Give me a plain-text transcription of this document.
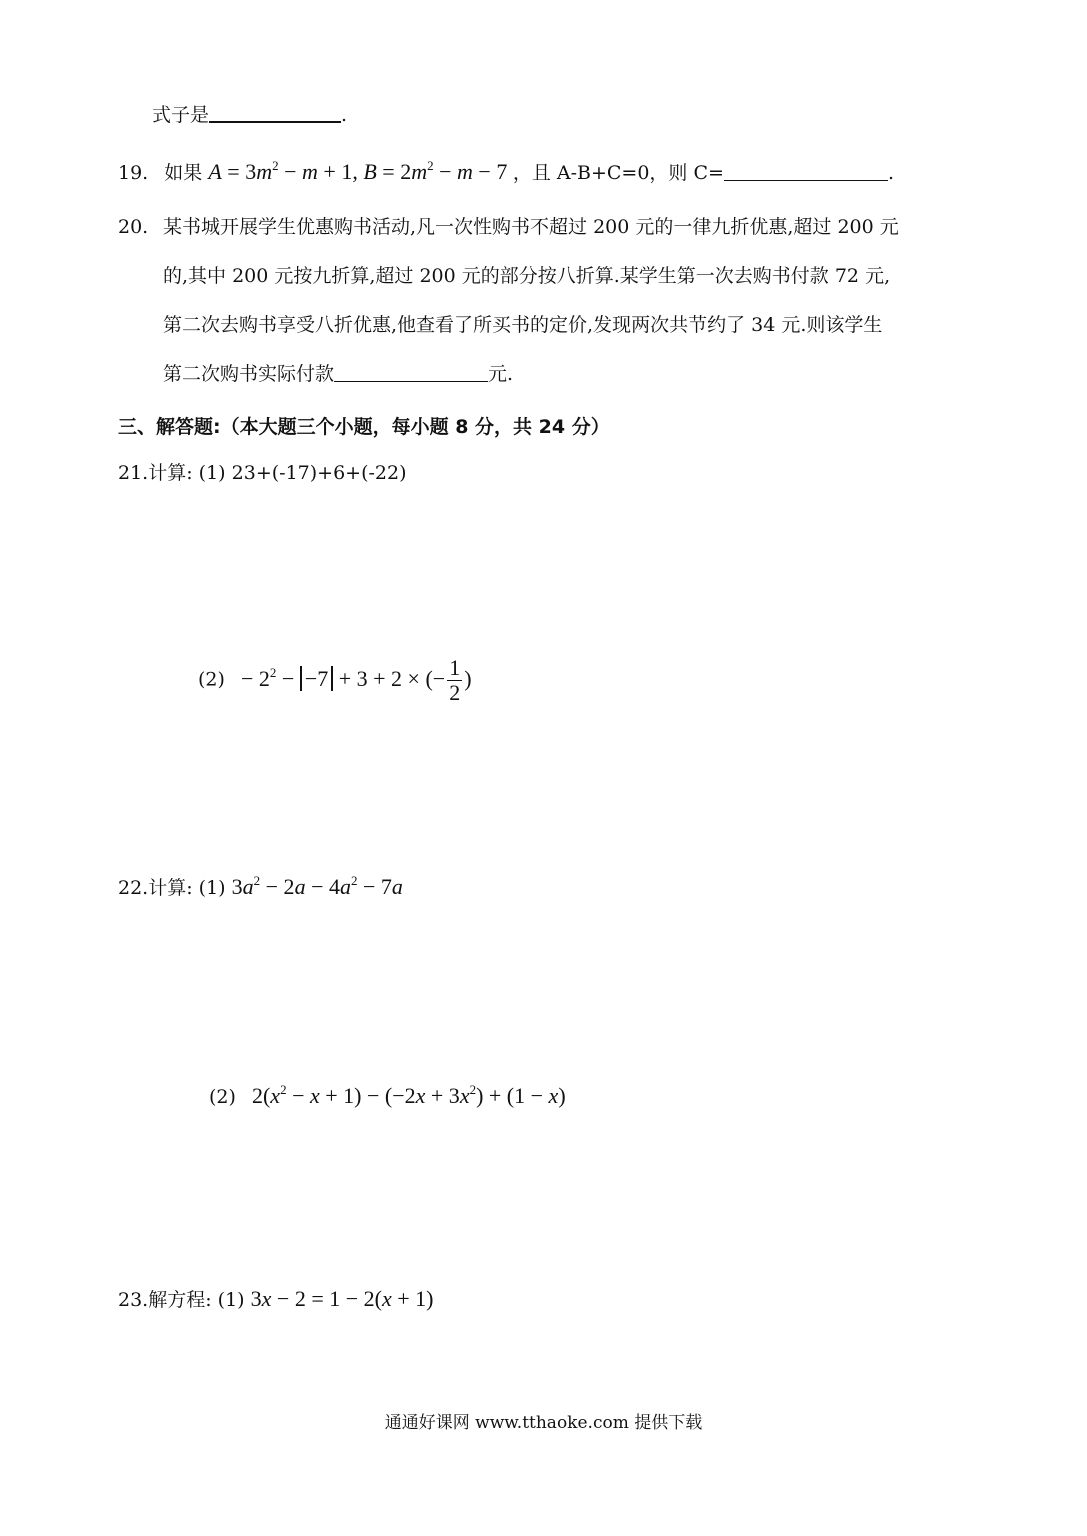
式子是	.
19. 如果 $A = 3m^2 - m + 1$, $B = 2m^2 - m - 7$ ，且 A-B+C=0，则 C=	.
20. 某书城开展学生优惠购书活动,凡一次性购书不超过 200 元的一律九折优惠,超过 200 元
的,其中 200 元按九折算,超过 200 元的部分按八折算.某学生第一次去购书付款 72 元,
第二次去购书享受八折优惠,他查看了所买书的定价,发现两次共节约了 34 元.则该学生
第二次购书实际付款	元.
三、解答题:（本大题三个小题，每小题 8 分，共 24 分）
21.计算: (1) 23+(-17)+6+(-22)
$(2) - 2^2 - -7 + 3 + 2$ × (− $\frac{1}{2}$ )
22.计算: (1) $3a^2 - 2a - 4a^2 - 7a$
(2) $2(x^2 - x + 1) - (-2x + 3x^2) + (1 - x)$
23.解方程: (1) 3x − 2 = 1 − 2(x + 1)
通通好课网 www.tthaoke.com 提供下载
